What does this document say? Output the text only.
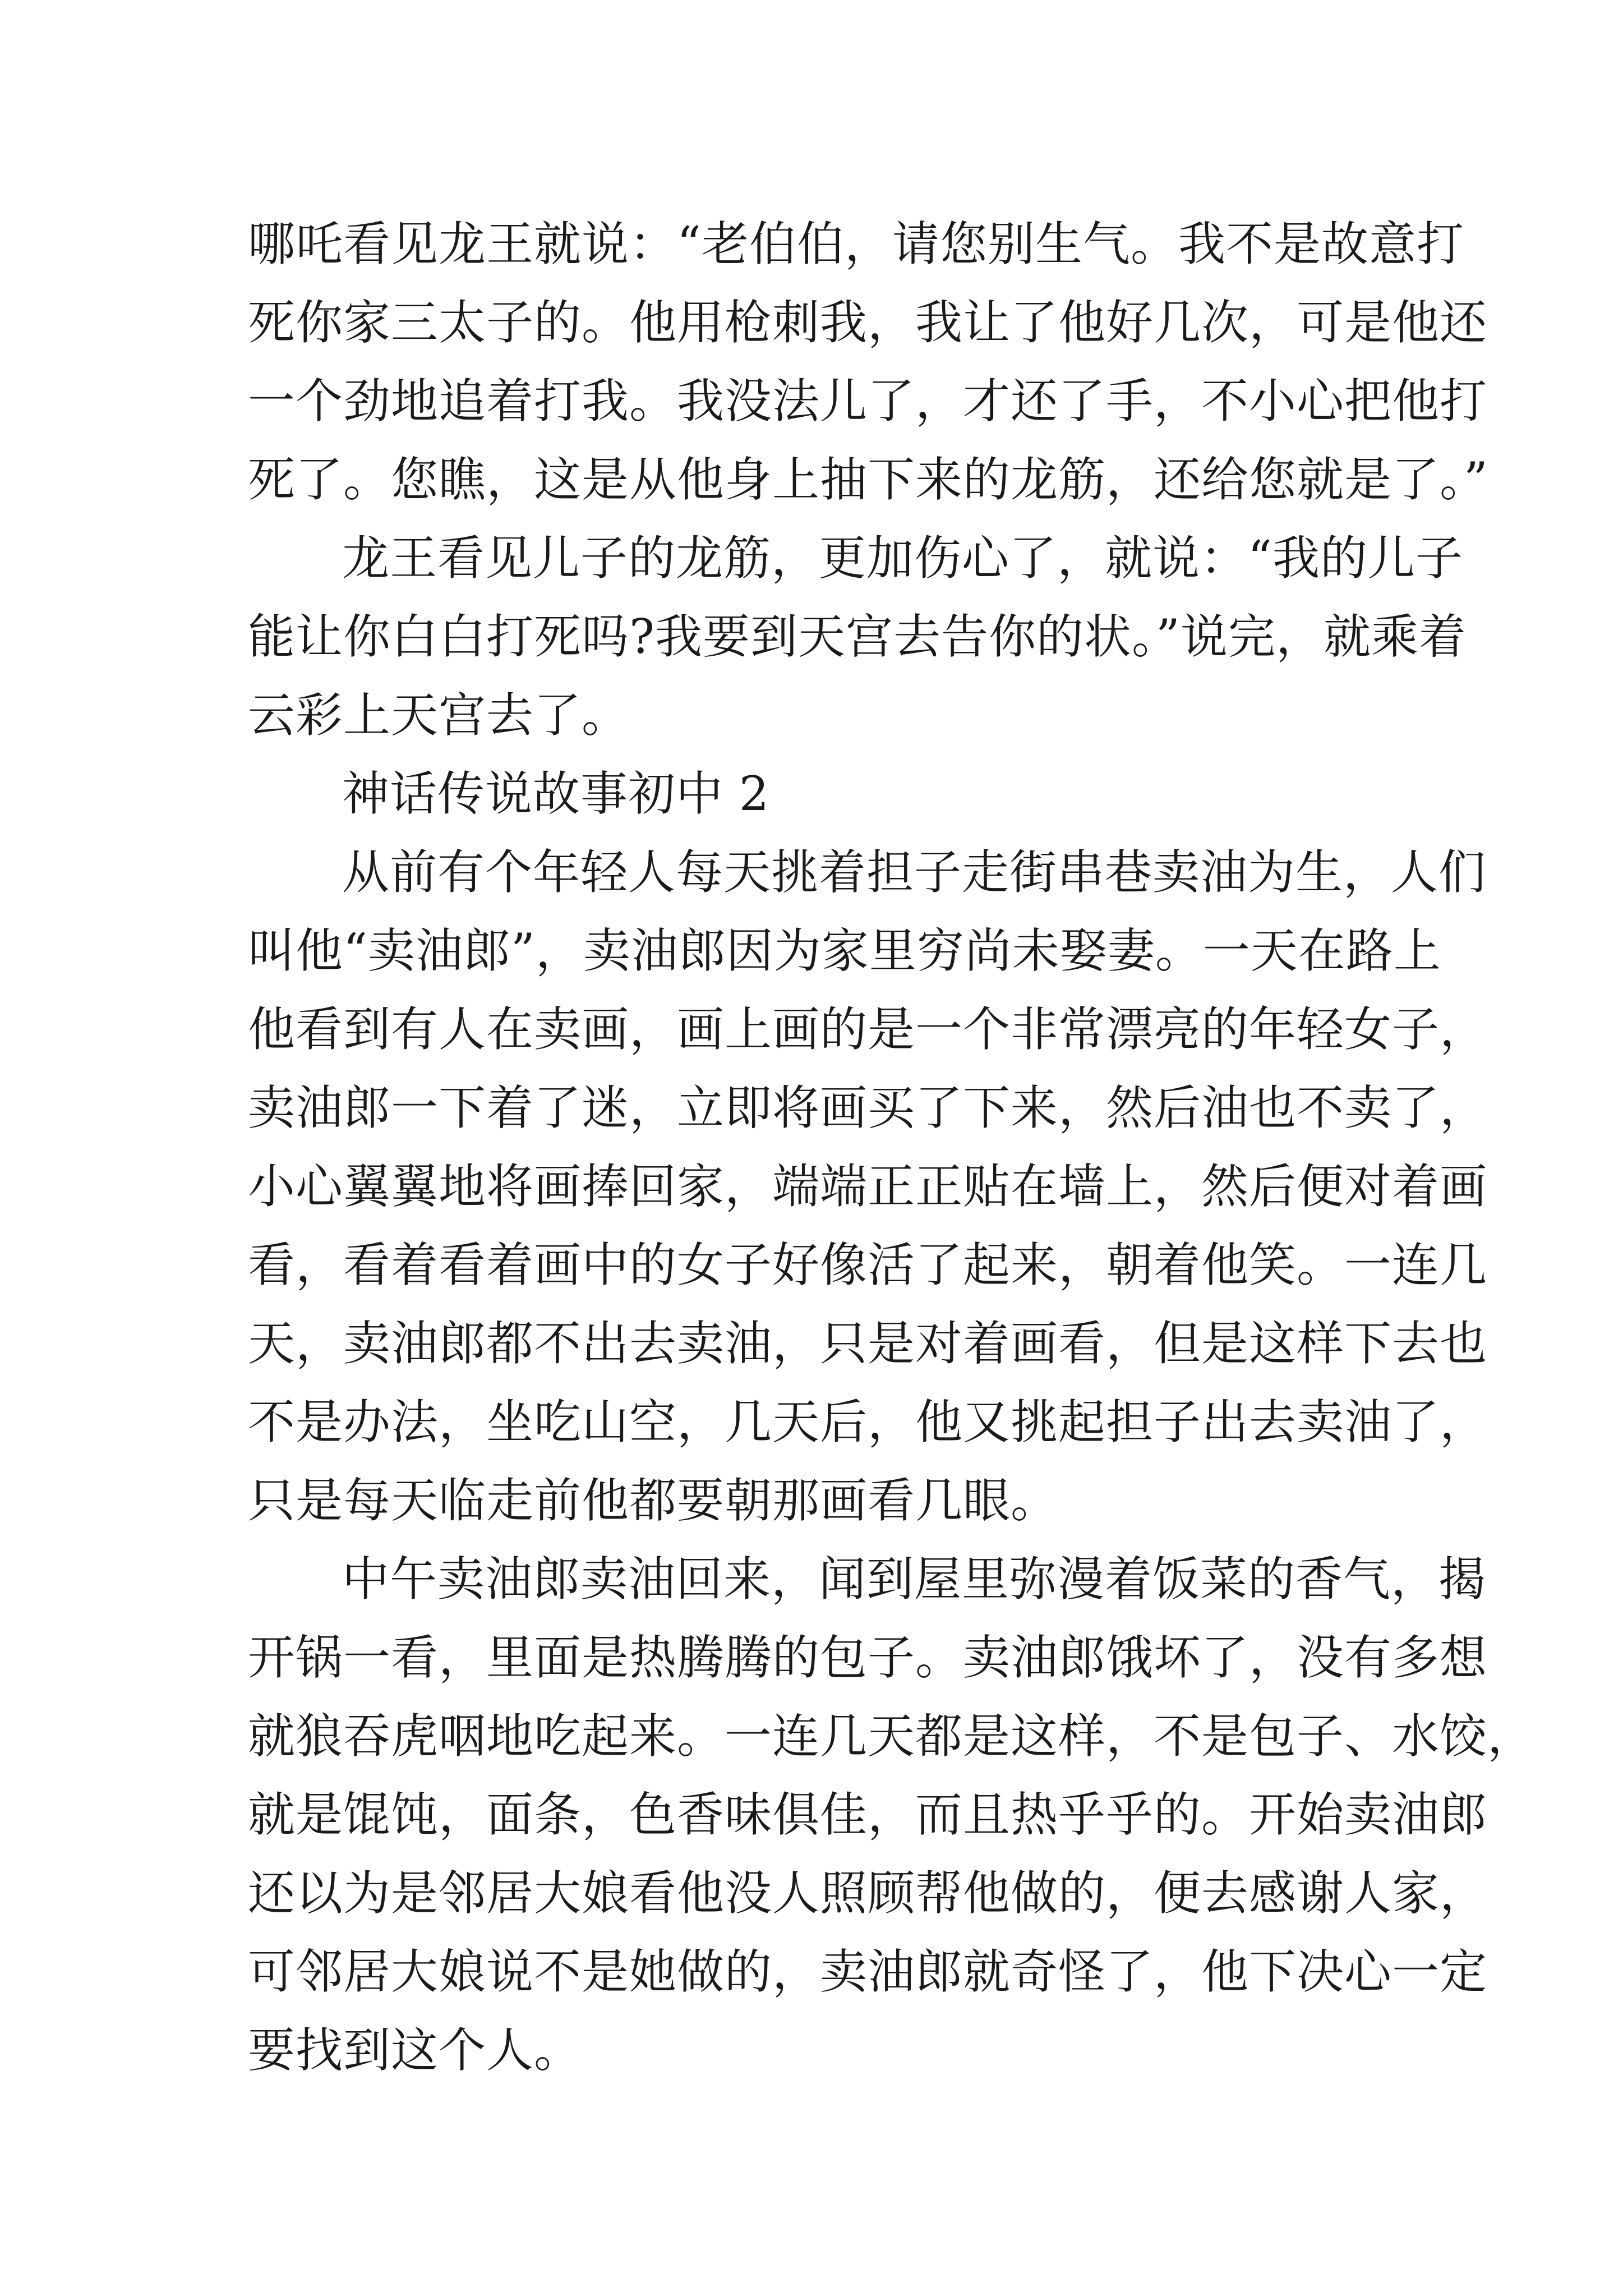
哪吒看见龙王就说：“老伯伯，请您别生气。我不是故意打
死你家三太子的。他用枪刺我，我让了他好几次，可是他还
一个劲地追着打我。我没法儿了，才还了手，不小心把他打
死了。您瞧，这是从他身上抽下来的龙筋，还给您就是了。”
龙王看见儿子的龙筋，更加伤心了，就说：“我的儿子
能让你白白打死吗?我要到天宫去告你的状。”说完，就乘着
云彩上天宫去了。
神话传说故事初中 2
从前有个年轻人每天挑着担子走街串巷卖油为生，人们
叫他“卖油郎”，卖油郎因为家里穷尚未娶妻。一天在路上
他看到有人在卖画，画上画的是一个非常漂亮的年轻女子，
卖油郎一下着了迷，立即将画买了下来，然后油也不卖了，
小心翼翼地将画捧回家，端端正正贴在墙上，然后便对着画
看，看着看着画中的女子好像活了起来，朝着他笑。一连几
天，卖油郎都不出去卖油，只是对着画看，但是这样下去也
不是办法，坐吃山空，几天后，他又挑起担子出去卖油了，
只是每天临走前他都要朝那画看几眼。
中午卖油郎卖油回来，闻到屋里弥漫着饭菜的香气，揭
开锅一看，里面是热腾腾的包子。卖油郎饿坏了，没有多想
就狼吞虎咽地吃起来。一连几天都是这样，不是包子、水饺，
就是馄饨，面条，色香味俱佳，而且热乎乎的。开始卖油郎
还以为是邻居大娘看他没人照顾帮他做的，便去感谢人家，
可邻居大娘说不是她做的，卖油郎就奇怪了，他下决心一定
要找到这个人。
